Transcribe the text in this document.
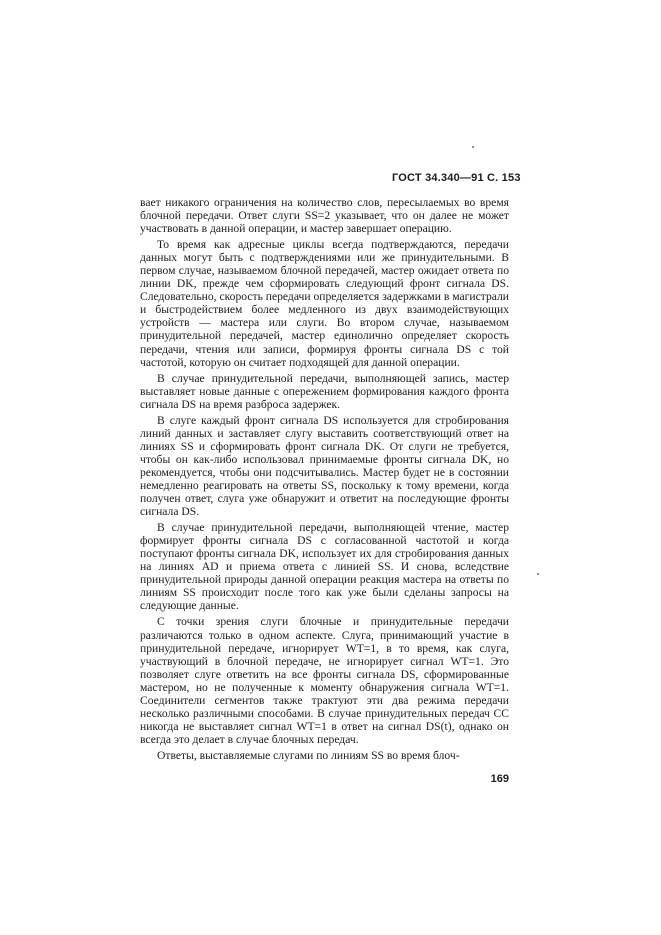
ГОСТ 34.340—91 С. 153

вает никакого ограничения на количество слов, пересылаемых во время блочной передачи. Ответ слуги SS=2 указывает, что он далее не может участвовать в данной операции, и мастер завершает операцию.

То время как адресные циклы всегда подтверждаются, передачи данных могут быть с подтверждениями или же принудительными. В первом случае, называемом блочной передачей, мастер ожидает ответа по линии DK, прежде чем сформировать следующий фронт сигнала DS. Следовательно, скорость передачи определяется задержками в магистрали и быстродействием более медленного из двух взаимодействующих устройств — мастера или слуги. Во втором случае, называемом принудительной передачей, мастер единолично определяет скорость передачи, чтения или записи, формируя фронты сигнала DS с той частотой, которую он считает подходящей для данной операции.

В случае принудительной передачи, выполняющей запись, мастер выставляет новые данные с опережением формирования каждого фронта сигнала DS на время разброса задержек.

В слуге каждый фронт сигнала DS используется для стробирования линий данных и заставляет слугу выставить соответствующий ответ на линиях SS и сформировать фронт сигнала DK. От слуги не требуется, чтобы он как-либо использовал принимаемые фронты сигнала DK, но рекомендуется, чтобы они подсчитывались. Мастер будет не в состоянии немедленно реагировать на ответы SS, поскольку к тому времени, когда получен ответ, слуга уже обнаружит и ответит на последующие фронты сигнала DS.

В случае принудительной передачи, выполняющей чтение, мастер формирует фронты сигнала DS с согласованной частотой и когда поступают фронты сигнала DK, использует их для стробирования данных на линиях AD и приема ответа с линией SS. И снова, вследствие принудительной природы данной операции реакция мастера на ответы по линиям SS происходит после того как уже были сделаны запросы на следующие данные.

С точки зрения слуги блочные и принудительные передачи различаются только в одном аспекте. Слуга, принимающий участие в принудительной передаче, игнорирует WT=1, в то время, как слуга, участвующий в блочной передаче, не игнорирует сигнал WT=1. Это позволяет слуге ответить на все фронты сигнала DS, сформированные мастером, но не полученные к моменту обнаружения сигнала WT=1. Соединители сегментов также трактуют эти два режима передачи несколько различными способами. В случае принудительных передач СС никогда не выставляет сигнал WT=1 в ответ на сигнал DS(t), однако он всегда это делает в случае блочных передач.

Ответы, выставляемые слугами по линиям SS во время блоч-

169
